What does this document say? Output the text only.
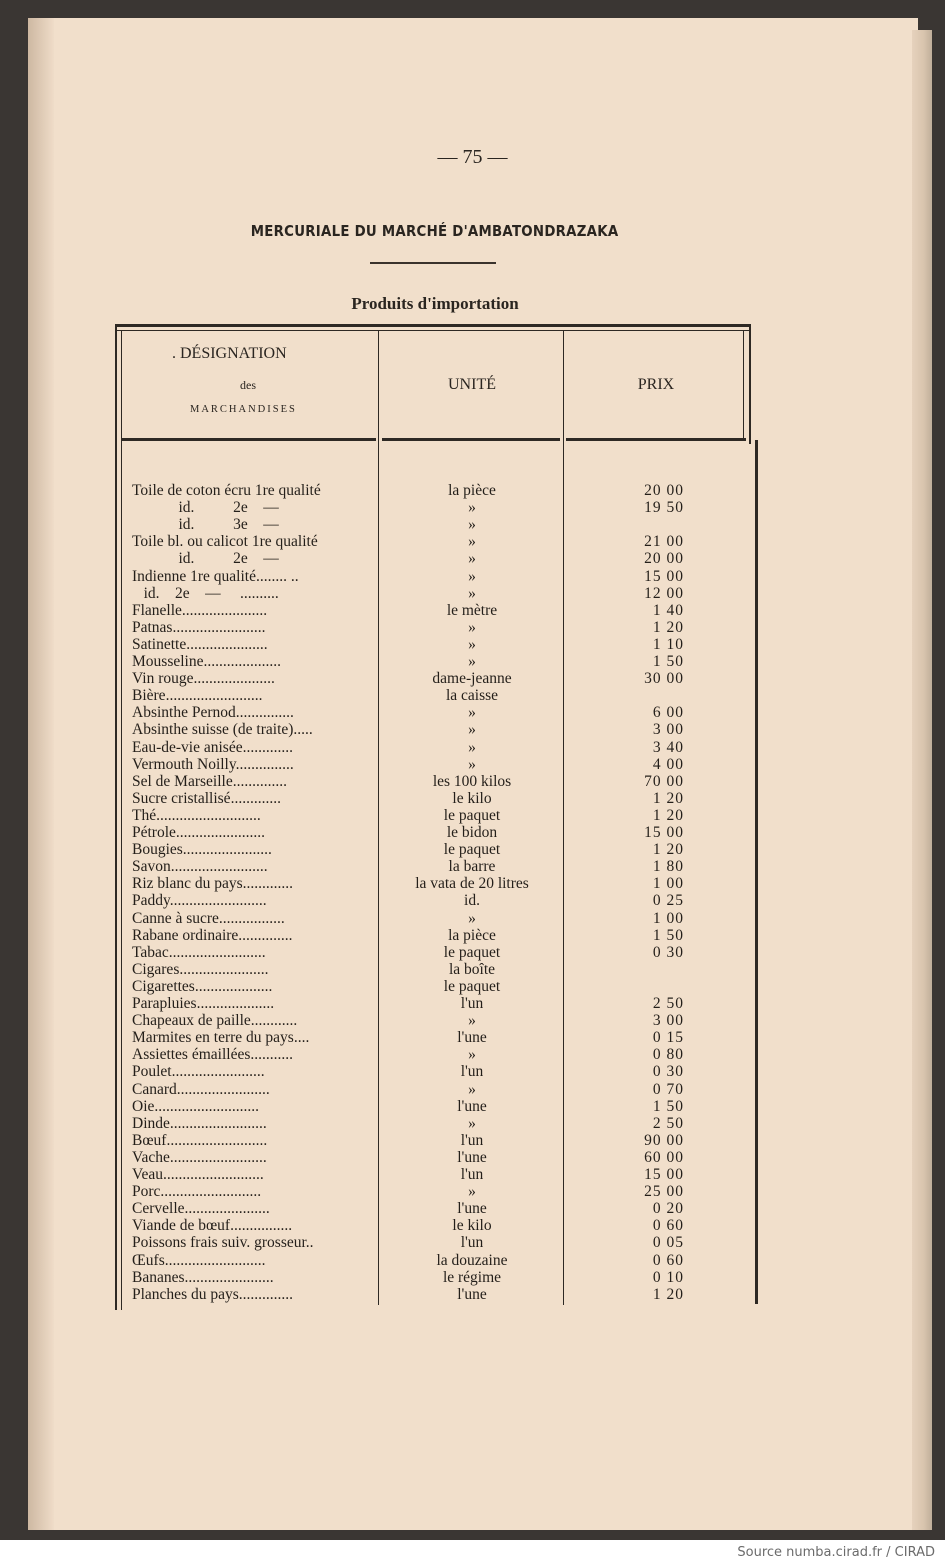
— 75 —
MERCURIALE DU MARCHÉ D'AMBATONDRAZAKA
Produits d'importation
. DÉSIGNATION
des
MARCHANDISES
UNITÉ	PRIX
Toile de coton écru 1re qualité	la pièce	20 00
id.          2e    —	»	19 50
id.          3e    —	»
Toile bl. ou calicot 1re qualité	»	21 00
id.          2e    —	»	20 00
Indienne 1re qualité........ ..	»	15 00
id.    2e    —     ..........	»	12 00
Flanelle......................	le mètre	1 40
Patnas........................	»	1 20
Satinette.....................	»	1 10
Mousseline....................	»	1 50
Vin rouge.....................	dame-jeanne	30 00
Bière.........................	la caisse
Absinthe Pernod...............	»	6 00
Absinthe suisse (de traite).....	»	3 00
Eau-de-vie anisée.............	»	3 40
Vermouth Noilly...............	»	4 00
Sel de Marseille..............	les 100 kilos	70 00
Sucre cristallisé.............	le kilo	1 20
Thé...........................	le paquet	1 20
Pétrole.......................	le bidon	15 00
Bougies.......................	le paquet	1 20
Savon.........................	la barre	1 80
Riz blanc du pays.............	la vata de 20 litres	1 00
Paddy.........................	id.	0 25
Canne à sucre.................	»	1 00
Rabane ordinaire..............	la pièce	1 50
Tabac.........................	le paquet	0 30
Cigares.......................	la boîte
Cigarettes....................	le paquet
Parapluies....................	l'un	2 50
Chapeaux de paille............	»	3 00
Marmites en terre du pays....	l'une	0 15
Assiettes émaillées...........	»	0 80
Poulet........................	l'un	0 30
Canard........................	»	0 70
Oie...........................	l'une	1 50
Dinde.........................	»	2 50
Bœuf..........................	l'un	90 00
Vache.........................	l'une	60 00
Veau..........................	l'un	15 00
Porc..........................	»	25 00
Cervelle......................	l'une	0 20
Viande de bœuf................	le kilo	0 60
Poissons frais suiv. grosseur..	l'un	0 05
Œufs..........................	la douzaine	0 60
Bananes.......................	le régime	0 10
Planches du pays..............	l'une	1 20
Source numba.cirad.fr / CIRAD
